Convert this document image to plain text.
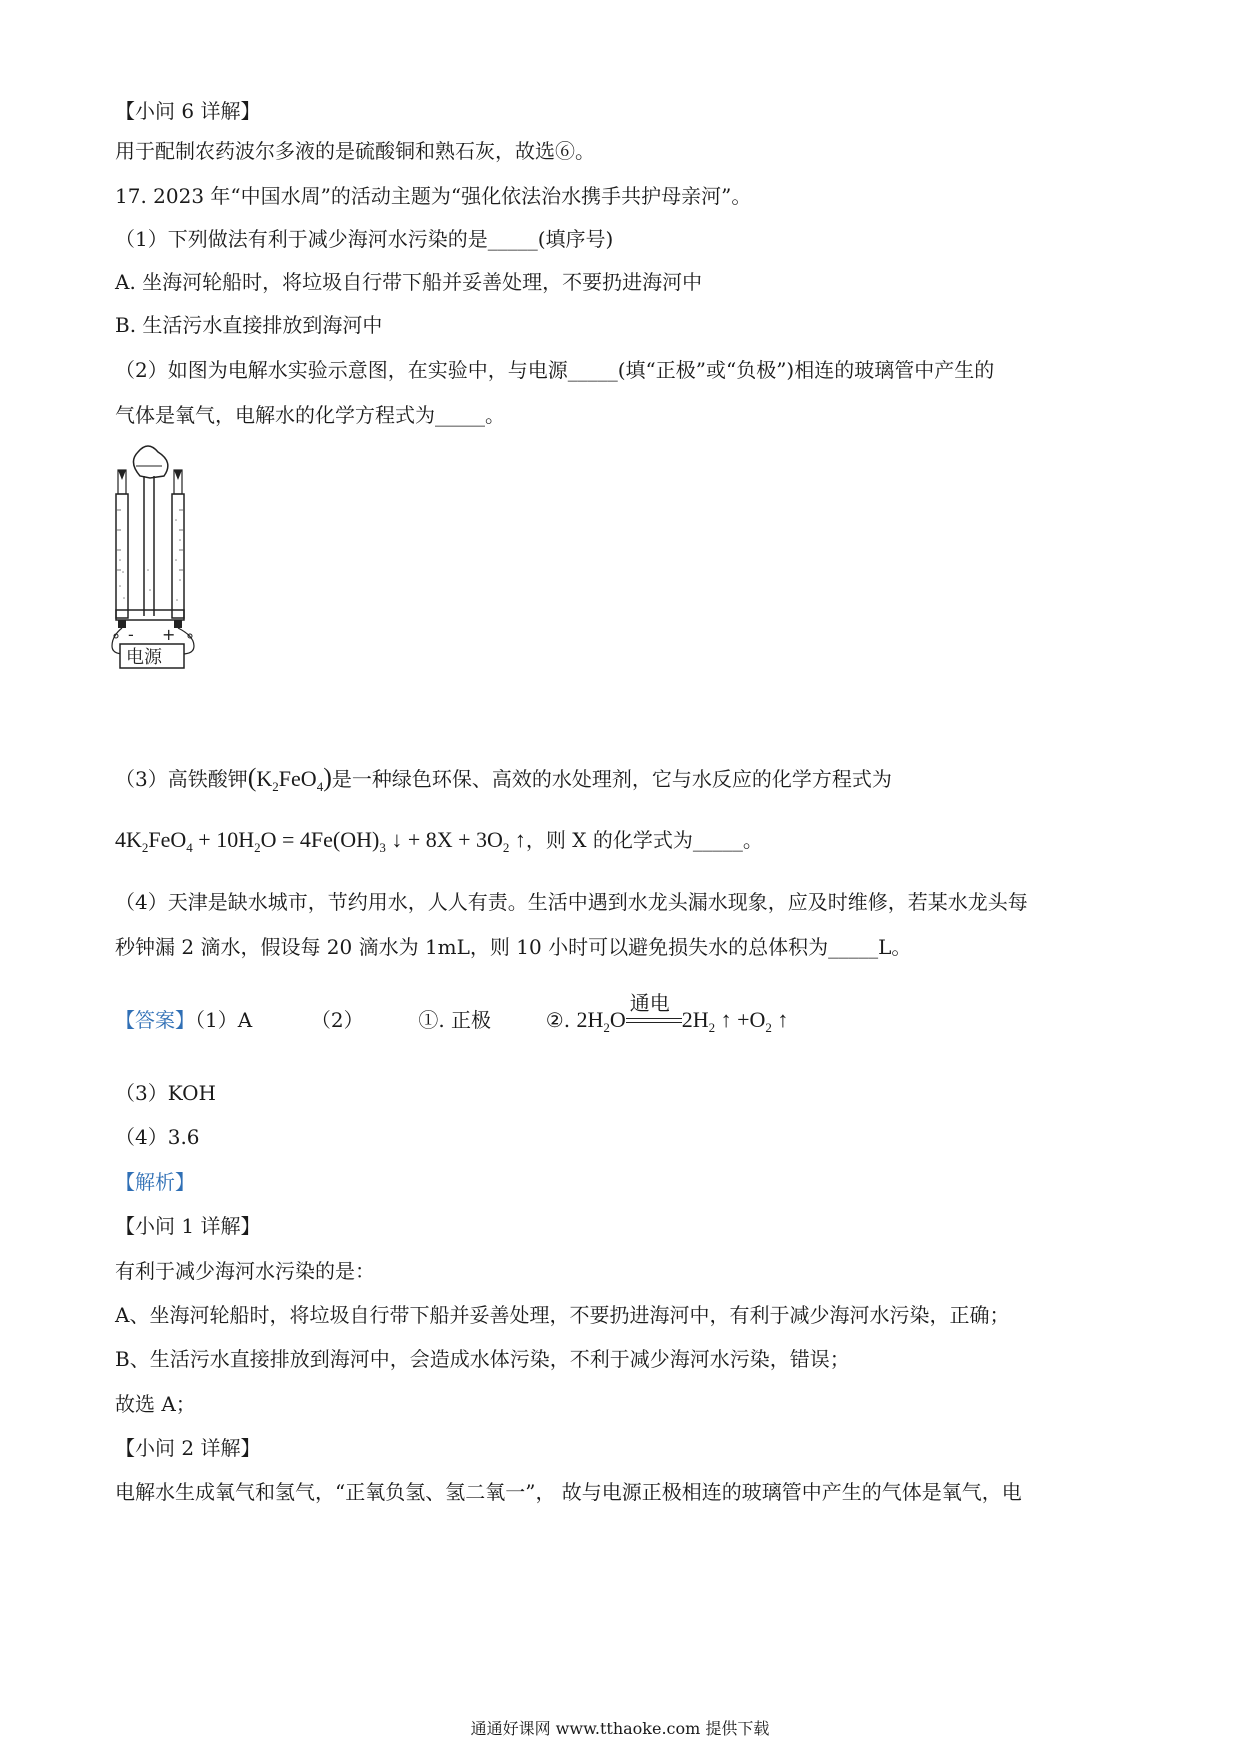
【小问 6 详解】
用于配制农药波尔多液的是硫酸铜和熟石灰，故选⑥。
17. 2023 年“中国水周”的活动主题为“强化依法治水携手共护母亲河”。
（1）下列做法有利于减少海河水污染的是_____(填序号)
A. 坐海河轮船时，将垃圾自行带下船并妥善处理，不要扔进海河中
B. 生活污水直接排放到海河中
（2）如图为电解水实验示意图，在实验中，与电源_____(填“正极”或“负极”)相连的玻璃管中产生的
气体是氧气，电解水的化学方程式为_____。
- +
电源
（3）高铁酸钾$(K_2FeO_4)$是一种绿色环保、高效的水处理剂，它与水反应的化学方程式为
$4K_2FeO_4 + 10H_2O = 4Fe(OH)_3$ ↓ + $8X + 3O_2$ ↑，则 X 的化学式为_____。
（4）天津是缺水城市，节约用水，人人有责。生活中遇到水龙头漏水现象，应及时维修，若某水龙头每
秒钟漏 2 滴水，假设每 20 滴水为 1mL，则 10 小时可以避免损失水的总体积为_____L。
【答案】（1）A	（2）	①. 正极	②. $2H_2O$
通电
$2H_2$ ↑ $+O_2$ ↑
（3）KOH
（4）3.6
【解析】
【小问 1 详解】
有利于减少海河水污染的是：
A、坐海河轮船时，将垃圾自行带下船并妥善处理，不要扔进海河中，有利于减少海河水污染，正确；
B、生活污水直接排放到海河中，会造成水体污染，不利于减少海河水污染，错误；
故选 A；
【小问 2 详解】
电解水生成氧气和氢气，“正氧负氢、氢二氧一”， 故与电源正极相连的玻璃管中产生的气体是氧气，电
通通好课网 www.tthaoke.com 提供下载
